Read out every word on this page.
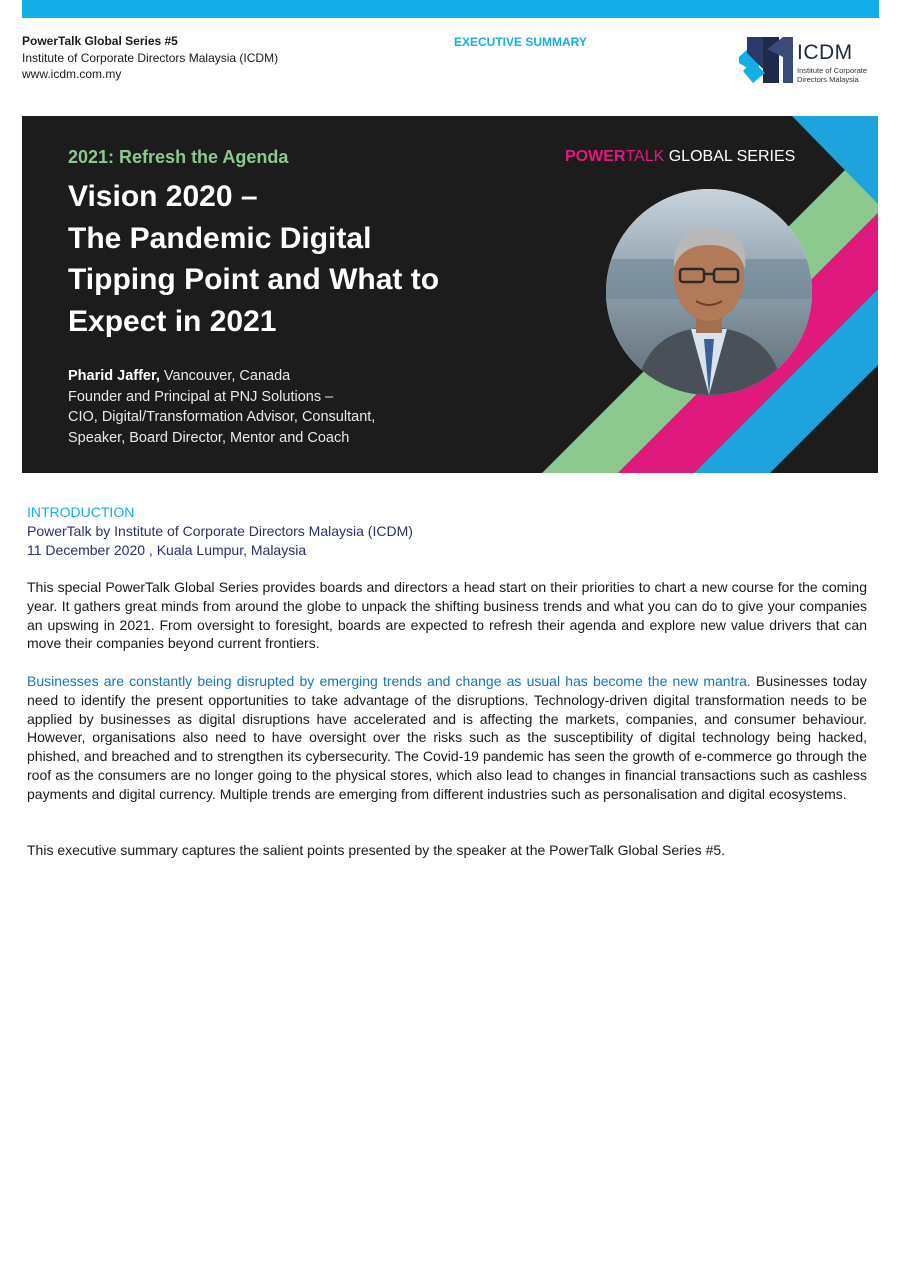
PowerTalk Global Series #5
Institute of Corporate Directors Malaysia (ICDM)
www.icdm.com.my
EXECUTIVE SUMMARY	ICDM
Institute of Corporate Directors Malaysia
2021: Refresh the Agenda	POWERTALK GLOBAL SERIES
Vision 2020 –
The Pandemic Digital
Tipping Point and What to
Expect in 2021
Pharid Jaffer, Vancouver, Canada
Founder and Principal at PNJ Solutions –
CIO, Digital/Transformation Advisor, Consultant,
Speaker, Board Director, Mentor and Coach
INTRODUCTION
PowerTalk by Institute of Corporate Directors Malaysia (ICDM)
11 December 2020 , Kuala Lumpur, Malaysia
This special PowerTalk Global Series provides boards and directors a head start on their priorities to chart a new course for the coming year. It gathers great minds from around the globe to unpack the shifting business trends and what you can do to give your companies an upswing in 2021. From oversight to foresight, boards are expected to refresh their agenda and explore new value drivers that can move their companies beyond current frontiers.
Businesses are constantly being disrupted by emerging trends and change as usual has become the new mantra. Businesses today need to identify the present opportunities to take advantage of the disruptions. Technology-driven digital transformation needs to be applied by businesses as digital disruptions have accelerated and is affecting the markets, companies, and consumer behaviour. However, organisations also need to have oversight over the risks such as the susceptibility of digital technology being hacked, phished, and breached and to strengthen its cybersecurity. The Covid-19 pandemic has seen the growth of e-commerce go through the roof as the consumers are no longer going to the physical stores, which also lead to changes in financial transactions such as cashless payments and digital currency. Multiple trends are emerging from different industries such as personalisation and digital ecosystems.
This executive summary captures the salient points presented by the speaker at the PowerTalk Global Series #5.
